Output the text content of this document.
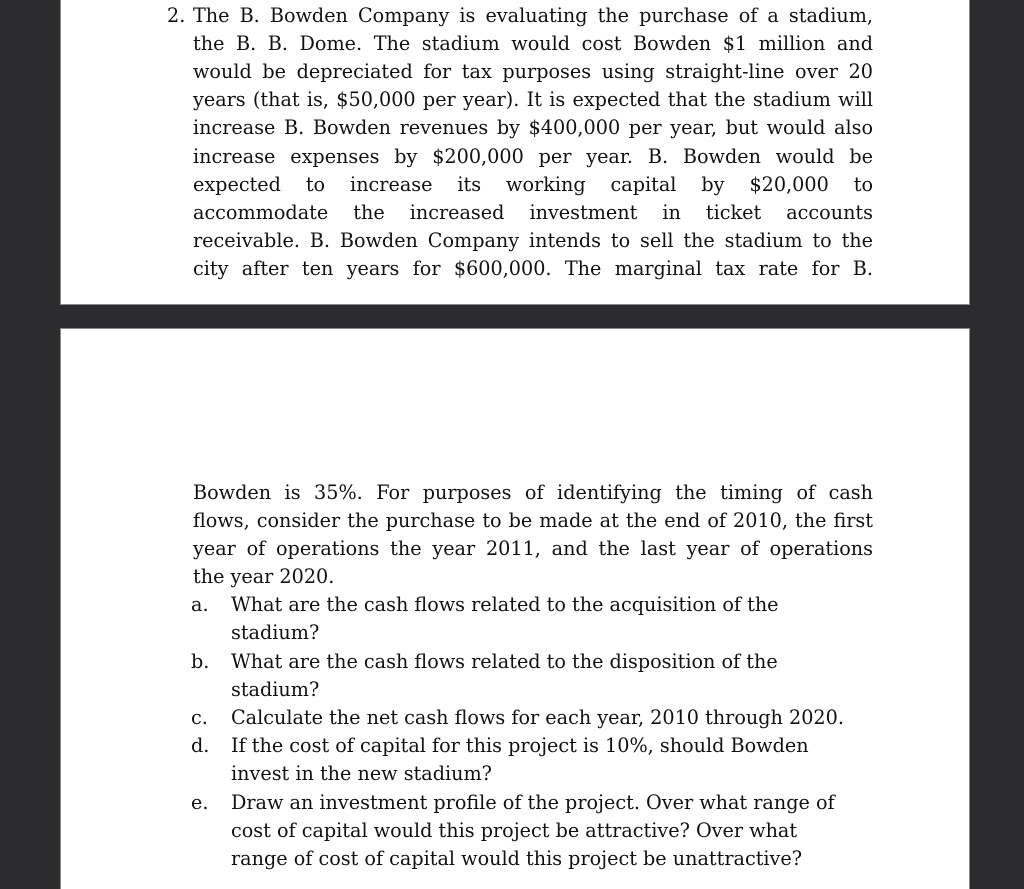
2. The B. Bowden Company is evaluating the purchase of a stadium,
the B. B. Dome. The stadium would cost Bowden $1 million and
would be depreciated for tax purposes using straight-line over 20
years (that is, $50,000 per year). It is expected that the stadium will
increase B. Bowden revenues by $400,000 per year, but would also
increase expenses by $200,000 per year. B. Bowden would be
expected to increase its working capital by $20,000 to
accommodate the increased investment in ticket accounts
receivable. B. Bowden Company intends to sell the stadium to the
city after ten years for $600,000. The marginal tax rate for B.
Bowden is 35%. For purposes of identifying the timing of cash
flows, consider the purchase to be made at the end of 2010, the first
year of operations the year 2011, and the last year of operations
the year 2020.
a. What are the cash flows related to the acquisition of the
stadium?
b. What are the cash flows related to the disposition of the
stadium?
c. Calculate the net cash flows for each year, 2010 through 2020.
d. If the cost of capital for this project is 10%, should Bowden
invest in the new stadium?
e. Draw an investment profile of the project. Over what range of
cost of capital would this project be attractive? Over what
range of cost of capital would this project be unattractive?
